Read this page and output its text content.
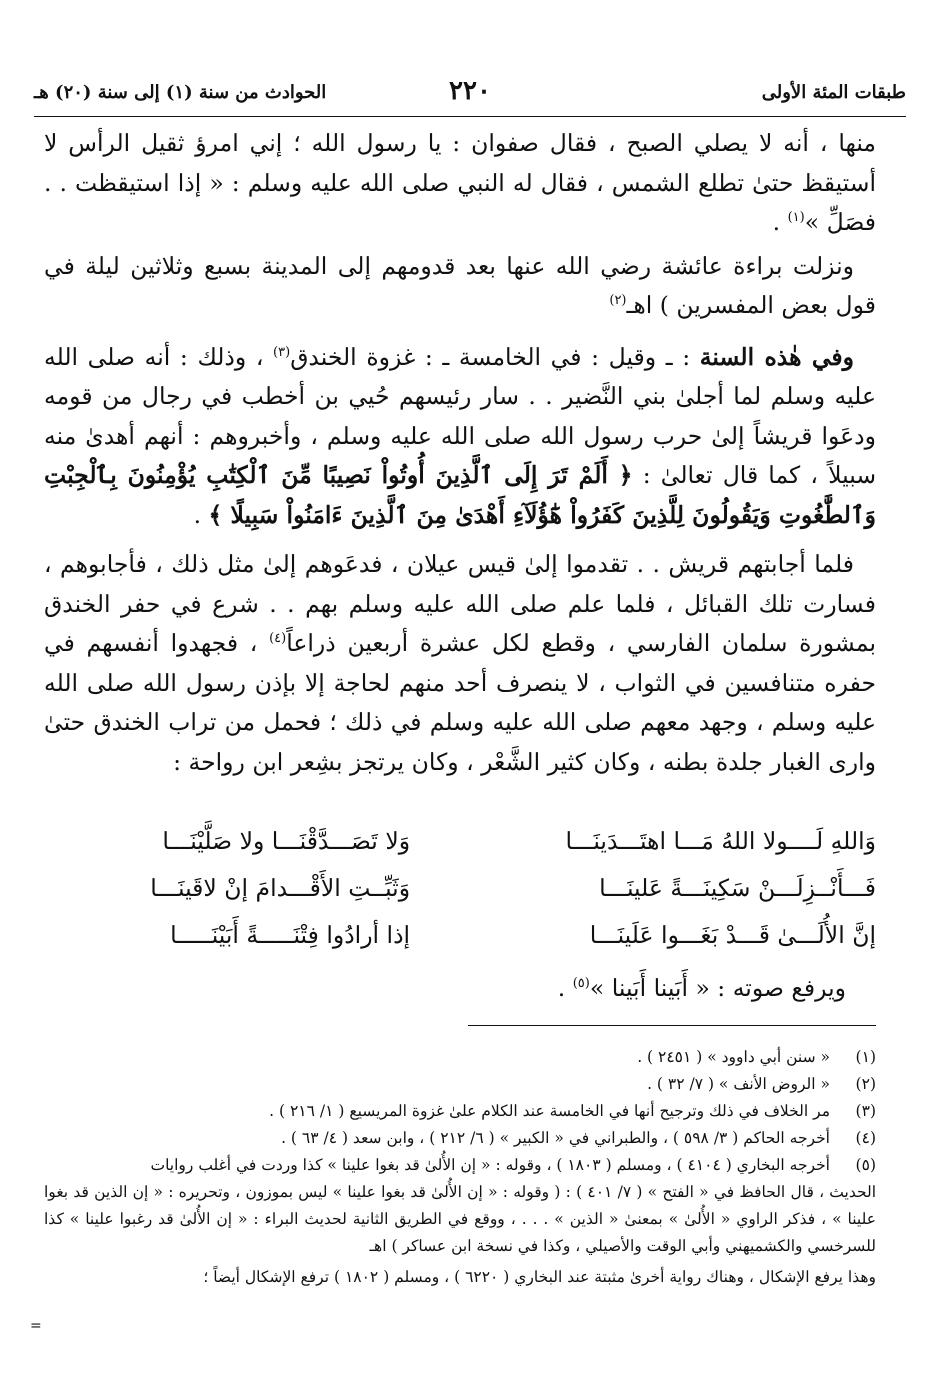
طبقات المئة الأولى
٢٢٠
الحوادث من سنة (١) إلى سنة (٢٠) هـ

منها ، أنه لا يصلي الصبح ، فقال صفوان : يا رسول الله ؛ إني امرؤ ثقيل الرأس لا أستيقظ حتىٰ تطلع الشمس ، فقال له النبي صلى الله عليه وسلم : « إذا استيقظت . . فصَلِّ »$^{(١)}$ .

ونزلت براءة عائشة رضي الله عنها بعد قدومهم إلى المدينة بسبع وثلاثين ليلة في قول بعض المفسرين ) اهـ$^{(٢)}$

وفي هٰذه السنة : ـ وقيل : في الخامسة ـ : غزوة الخندق$^{(٣)}$ ، وذلك : أنه صلى الله عليه وسلم لما أجلىٰ بني النَّضير . . سار رئيسهم حُيي بن أخطب في رجال من قومه ودعَوا قريشاً إلىٰ حرب رسول الله صلى الله عليه وسلم ، وأخبروهم : أنهم أهدىٰ منه سبيلاً ، كما قال تعالىٰ : ﴿ أَلَمْ تَرَ إِلَى ٱلَّذِينَ أُوتُواْ نَصِيبًا مِّنَ ٱلْكِتَٰبِ يُؤْمِنُونَ بِٱلْجِبْتِ وَٱلطَّٰغُوتِ وَيَقُولُونَ لِلَّذِينَ كَفَرُواْ هَٰٓؤُلَآءِ أَهْدَىٰ مِنَ ٱلَّذِينَ ءَامَنُواْ سَبِيلًا ﴾ .

فلما أجابتهم قريش . . تقدموا إلىٰ قيس عيلان ، فدعَوهم إلىٰ مثل ذلك ، فأجابوهم ، فسارت تلك القبائل ، فلما علم صلى الله عليه وسلم بهم . . شرع في حفر الخندق بمشورة سلمان الفارسي ، وقطع لكل عشرة أربعين ذراعاً$^{(٤)}$ ، فجهدوا أنفسهم في حفره متنافسين في الثواب ، لا ينصرف أحد منهم لحاجة إلا بإذن رسول الله صلى الله عليه وسلم ، وجهد معهم صلى الله عليه وسلم في ذلك ؛ فحمل من تراب الخندق حتىٰ وارى الغبار جلدة بطنه ، وكان كثير الشَّعْر ، وكان يرتجز بشِعر ابن رواحة :

وَاللهِ لَــــولا اللهُ مَـــا اهتَـــدَينَـــا
وَلا تَصَـــدَّقْنَـــا ولا صَلَّيْنَـــا
فَـــأَنْــزِلَـــنْ سَكِينَـــةً عَلينَـــا
وَثَبِّــتِ الأَقْـــدامَ إنْ لاقَينَـــا
إنَّ الأُلَـــىٰ قَـــدْ بَغَـــوا عَلَينَـــا
إذا أرادُوا فِتْنَـــــةً أَبَيْنَـــــا
ويرفع صوته : « أَبَينا أَبَينا »$^{(٥)}$ .
(١)
« سنن أبي داوود » ( ٢٤٥١ ) .
(٢)
« الروض الأنف » ( ٧/ ٣٢ ) .
(٣)
مر الخلاف في ذلك وترجيح أنها في الخامسة عند الكلام علىٰ غزوة المريسيع ( ١/ ٢١٦ ) .
(٤)
أخرجه الحاكم ( ٣/ ٥٩٨ ) ، والطبراني في « الكبير » ( ٦/ ٢١٢ ) ، وابن سعد ( ٤/ ٦٣ ) .
(٥)
أخرجه البخاري ( ٤١٠٤ ) ، ومسلم ( ١٨٠٣ ) ، وقوله : « إن الأُلىٰ قد بغوا علينا » كذا وردت في أغلب روايات
الحديث ، قال الحافظ في « الفتح » ( ٧/ ٤٠١ ) : ( وقوله : « إن الأُلىٰ قد بغوا علينا » ليس بموزون ، وتحريره : « إن الذين قد بغوا علينا » ، فذكر الراوي « الأُلىٰ » بمعنىٰ « الذين » . . . ، ووقع في الطريق الثانية لحديث البراء : « إن الأُلىٰ قد رغبوا علينا » كذا للسرخسي والكشميهني وأبي الوقت والأصيلي ، وكذا في نسخة ابن عساكر ) اهـ
وهذا يرفع الإشكال ، وهناك رواية أخرىٰ مثبتة عند البخاري ( ٦٢٢٠ ) ، ومسلم ( ١٨٠٢ ) ترفع الإشكال أيضاً ؛
=
